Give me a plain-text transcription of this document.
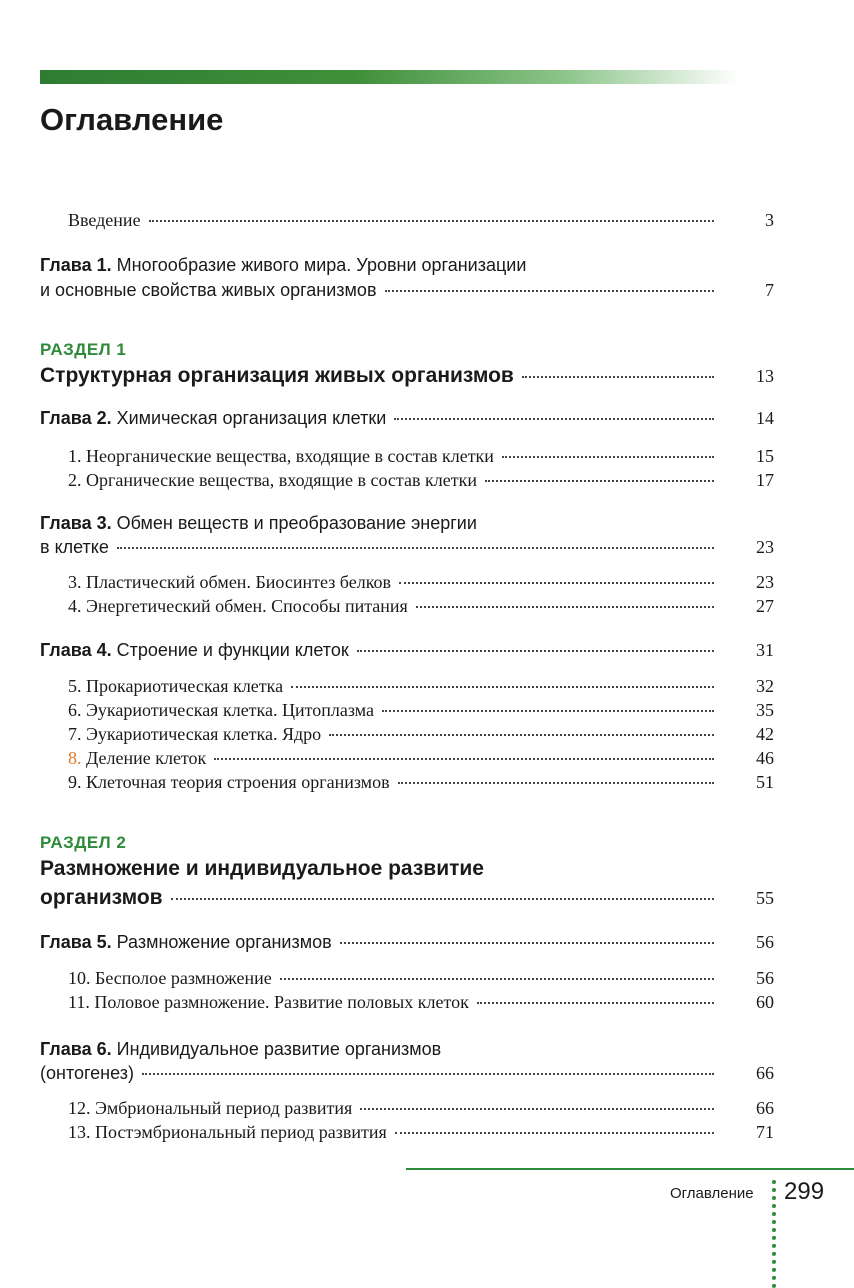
Оглавление
Введение	3
Глава 1. Многообразие живого мира. Уровни организации
и основные свойства живых организмов	7
РАЗДЕЛ 1
Структурная организация живых организмов	13
Глава 2. Химическая организация клетки	14
1. Неорганические вещества, входящие в состав клетки	15
2. Органические вещества, входящие в состав клетки	17
Глава 3. Обмен веществ и преобразование энергии
в клетке	23
3. Пластический обмен. Биосинтез белков	23
4. Энергетический обмен. Способы питания	27
Глава 4. Строение и функции клеток	31
5. Прокариотическая клетка	32
6. Эукариотическая клетка. Цитоплазма	35
7. Эукариотическая клетка. Ядро	42
8. Деление клеток	46
9. Клеточная теория строения организмов	51
РАЗДЕЛ 2
Размножение и индивидуальное развитие
организмов	55
Глава 5. Размножение организмов	56
10. Бесполое размножение	56
11. Половое размножение. Развитие половых клеток	60
Глава 6. Индивидуальное развитие организмов
(онтогенез)	66
12. Эмбриональный период развития	66
13. Постэмбриональный период развития	71
Оглавление 299
